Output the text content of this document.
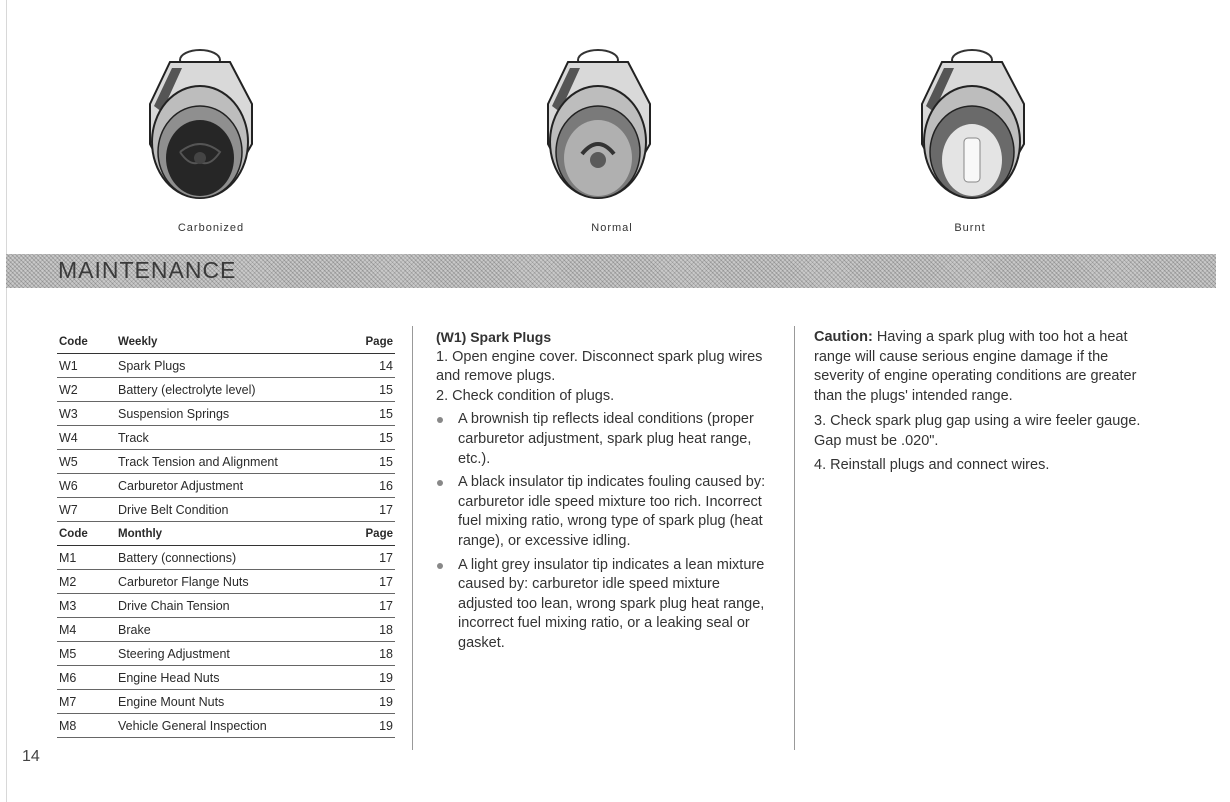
Carbonized	Normal	Burnt
MAINTENANCE
Code	Weekly	Page
W1	Spark Plugs	14
W2	Battery (electrolyte level)	15
W3	Suspension Springs	15
W4	Track	15
W5	Track Tension and Alignment	15
W6	Carburetor Adjustment	16
W7	Drive Belt Condition	17
Code	Monthly	Page
M1	Battery (connections)	17
M2	Carburetor Flange Nuts	17
M3	Drive Chain Tension	17
M4	Brake	18
M5	Steering Adjustment	18
M6	Engine Head Nuts	19
M7	Engine Mount Nuts	19
M8	Vehicle General Inspection	19

(W1) Spark Plugs

1. Open engine cover. Disconnect spark plug wires and remove plugs.

2. Check condition of plugs.

A brownish tip reflects ideal conditions (proper carburetor adjustment, spark plug heat range, etc.).
A black insulator tip indicates fouling caused by: carburetor idle speed mixture too rich. Incorrect fuel mixing ratio, wrong type of spark plug (heat range), or excessive idling.
A light grey insulator tip indicates a lean mixture caused by: carburetor idle speed mixture adjusted too lean, wrong spark plug heat range, incorrect fuel mixing ratio, or a leaking seal or gasket.

Caution: Having a spark plug with too hot a heat range will cause serious engine damage if the severity of engine operating conditions are greater than the plugs' intended range.

3. Check spark plug gap using a wire feeler gauge. Gap must be .020".

4. Reinstall plugs and connect wires.

14
